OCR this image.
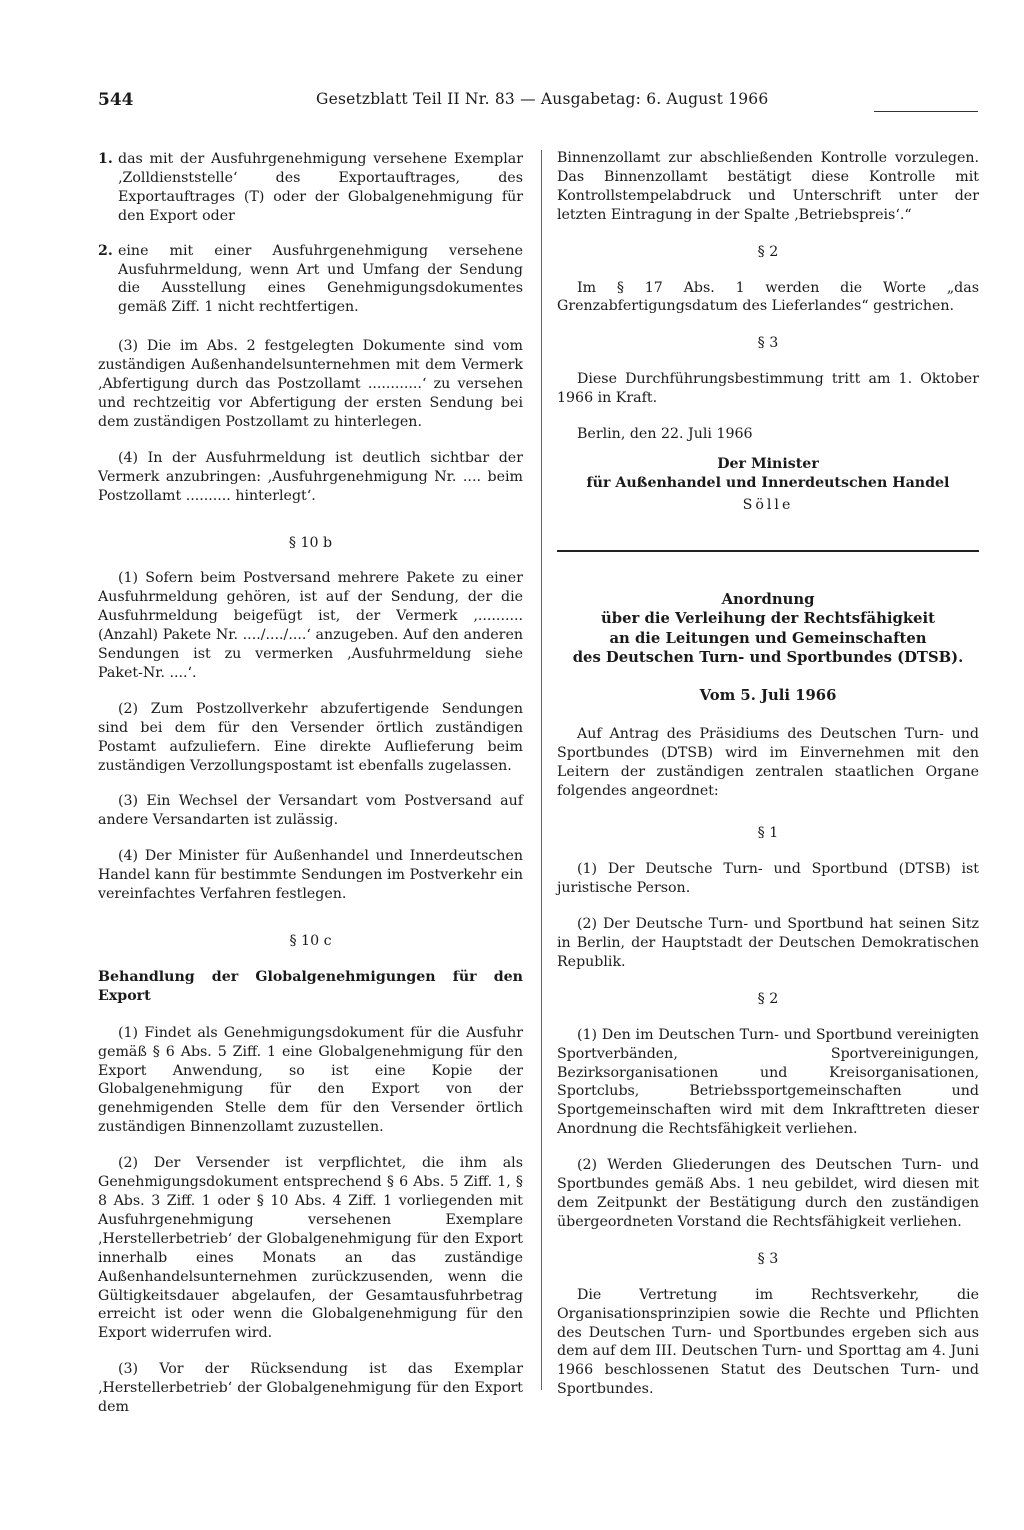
544	Gesetzblatt Teil II Nr. 83 — Ausgabetag: 6. August 1966
1. das mit der Ausfuhrgenehmigung versehene Exemplar ‚Zolldienststelle‘ des Exportauftrages, des Exportauftrages (T) oder der Globalgenehmigung für den Export oder
2. eine mit einer Ausfuhrgenehmigung versehene Ausfuhrmeldung, wenn Art und Umfang der Sendung die Ausstellung eines Genehmigungsdokumentes gemäß Ziff. 1 nicht rechtfertigen.

(3) Die im Abs. 2 festgelegten Dokumente sind vom zuständigen Außenhandelsunternehmen mit dem Vermerk ‚Abfertigung durch das Postzollamt ............‘ zu versehen und rechtzeitig vor Abfertigung der ersten Sendung bei dem zuständigen Postzollamt zu hinterlegen.

(4) In der Ausfuhrmeldung ist deutlich sichtbar der Vermerk anzubringen: ‚Ausfuhrgenehmigung Nr. .... beim Postzollamt .......... hinterlegt‘.

§ 10 b

(1) Sofern beim Postversand mehrere Pakete zu einer Ausfuhrmeldung gehören, ist auf der Sendung, der die Ausfuhrmeldung beigefügt ist, der Vermerk ‚.......... (Anzahl) Pakete Nr. ..../..../....‘ anzugeben. Auf den anderen Sendungen ist zu vermerken ‚Ausfuhrmeldung siehe Paket-Nr. ....‘.

(2) Zum Postzollverkehr abzufertigende Sendungen sind bei dem für den Versender örtlich zuständigen Postamt aufzuliefern. Eine direkte Auflieferung beim zuständigen Verzollungspostamt ist ebenfalls zugelassen.

(3) Ein Wechsel der Versandart vom Postversand auf andere Versandarten ist zulässig.

(4) Der Minister für Außenhandel und Innerdeutschen Handel kann für bestimmte Sendungen im Postverkehr ein vereinfachtes Verfahren festlegen.

§ 10 c

Behandlung der Globalgenehmigungen für den Export

(1) Findet als Genehmigungsdokument für die Ausfuhr gemäß § 6 Abs. 5 Ziff. 1 eine Globalgenehmigung für den Export Anwendung, so ist eine Kopie der Globalgenehmigung für den Export von der genehmigenden Stelle dem für den Versender örtlich zuständigen Binnenzollamt zuzustellen.

(2) Der Versender ist verpflichtet, die ihm als Genehmigungsdokument entsprechend § 6 Abs. 5 Ziff. 1, § 8 Abs. 3 Ziff. 1 oder § 10 Abs. 4 Ziff. 1 vorliegenden mit Ausfuhrgenehmigung versehenen Exemplare ‚Herstellerbetrieb‘ der Globalgenehmigung für den Export innerhalb eines Monats an das zuständige Außenhandelsunternehmen zurückzusenden, wenn die Gültigkeitsdauer abgelaufen, der Gesamtausfuhrbetrag erreicht ist oder wenn die Globalgenehmigung für den Export widerrufen wird.

(3) Vor der Rücksendung ist das Exemplar ‚Herstellerbetrieb‘ der Globalgenehmigung für den Export dem

Binnenzollamt zur abschließenden Kontrolle vorzulegen. Das Binnenzollamt bestätigt diese Kontrolle mit Kontrollstempelabdruck und Unterschrift unter der letzten Eintragung in der Spalte ‚Betriebspreis‘.“

§ 2

Im § 17 Abs. 1 werden die Worte „das Grenzabfertigungsdatum des Lieferlandes“ gestrichen.

§ 3

Diese Durchführungsbestimmung tritt am 1. Oktober 1966 in Kraft.

Berlin, den 22. Juli 1966

Der Minister
für Außenhandel und Innerdeutschen Handel
Sölle
Anordnung
über die Verleihung der Rechtsfähigkeit
an die Leitungen und Gemeinschaften
des Deutschen Turn- und Sportbundes (DTSB).
Vom 5. Juli 1966

Auf Antrag des Präsidiums des Deutschen Turn- und Sportbundes (DTSB) wird im Einvernehmen mit den Leitern der zuständigen zentralen staatlichen Organe folgendes angeordnet:

§ 1

(1) Der Deutsche Turn- und Sportbund (DTSB) ist juristische Person.

(2) Der Deutsche Turn- und Sportbund hat seinen Sitz in Berlin, der Hauptstadt der Deutschen Demokratischen Republik.

§ 2

(1) Den im Deutschen Turn- und Sportbund vereinigten Sportverbänden, Sportvereinigungen, Bezirksorganisationen und Kreisorganisationen, Sportclubs, Betriebssportgemeinschaften und Sportgemeinschaften wird mit dem Inkrafttreten dieser Anordnung die Rechtsfähigkeit verliehen.

(2) Werden Gliederungen des Deutschen Turn- und Sportbundes gemäß Abs. 1 neu gebildet, wird diesen mit dem Zeitpunkt der Bestätigung durch den zuständigen übergeordneten Vorstand die Rechtsfähigkeit verliehen.

§ 3

Die Vertretung im Rechtsverkehr, die Organisationsprinzipien sowie die Rechte und Pflichten des Deutschen Turn- und Sportbundes ergeben sich aus dem auf dem III. Deutschen Turn- und Sporttag am 4. Juni 1966 beschlossenen Statut des Deutschen Turn- und Sportbundes.
